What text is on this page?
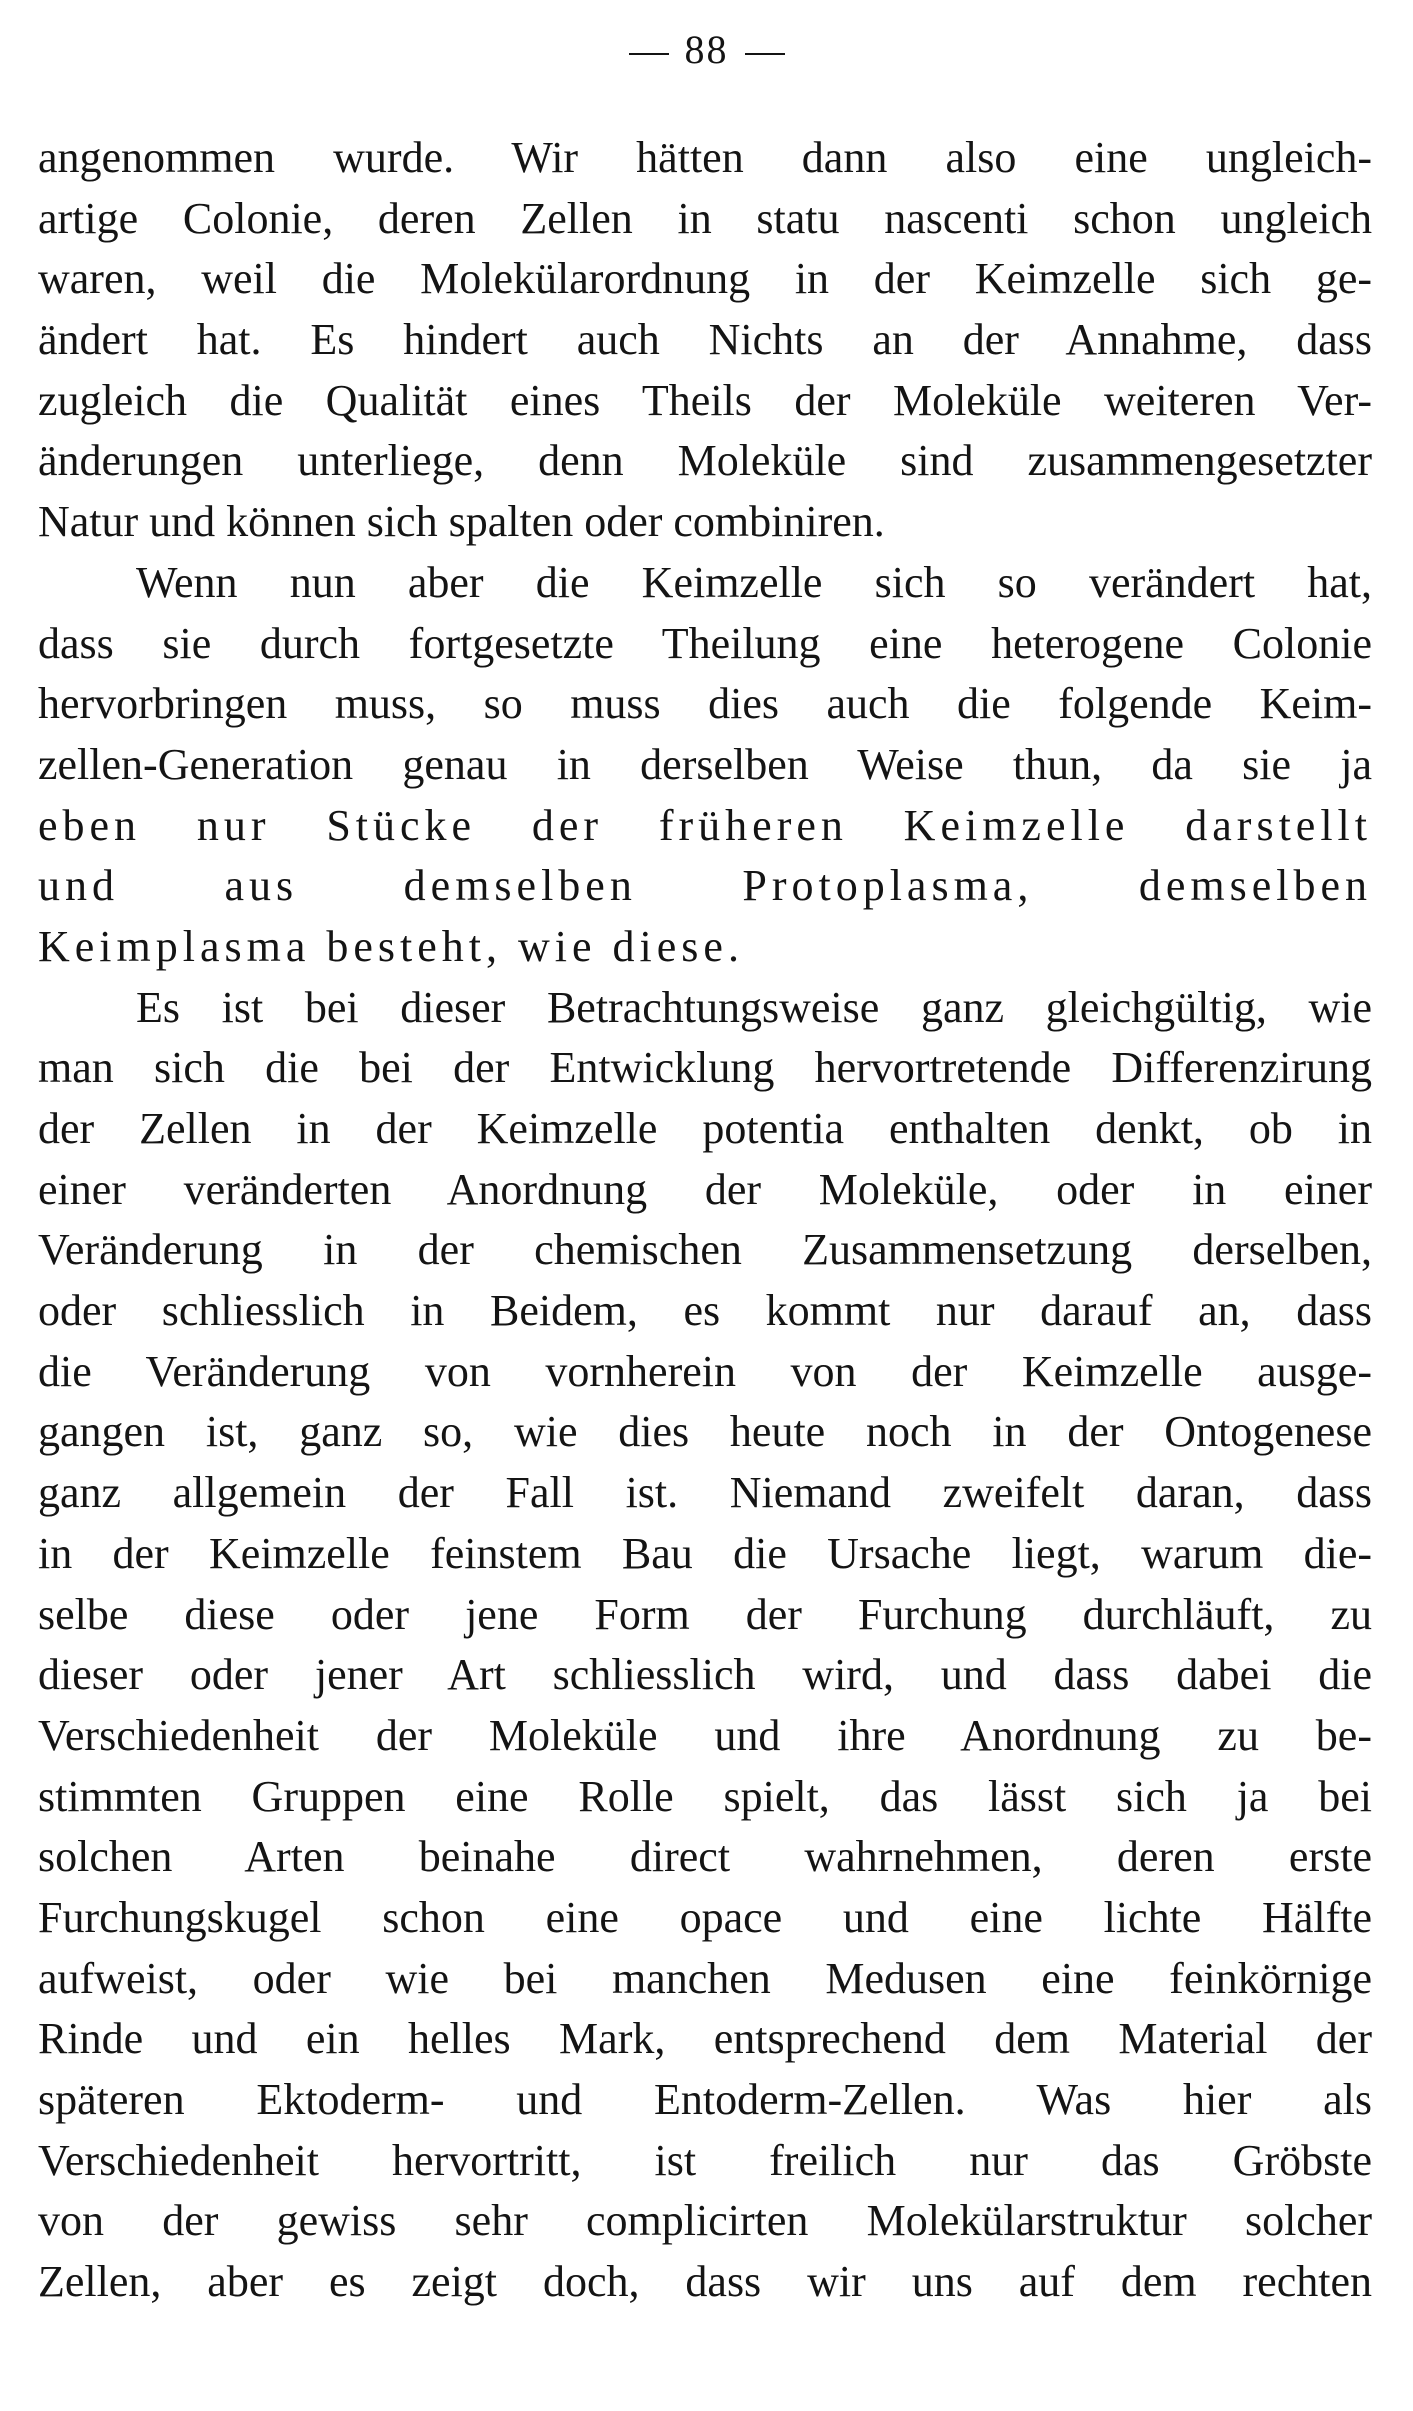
88
angenommen wurde. Wir hätten dann also eine ungleich-
artige Colonie, deren Zellen in statu nascenti schon ungleich
waren, weil die Molekülarordnung in der Keimzelle sich ge-
ändert hat. Es hindert auch Nichts an der Annahme, dass
zugleich die Qualität eines Theils der Moleküle weiteren Ver-
änderungen unterliege, denn Moleküle sind zusammengesetzter
Natur und können sich spalten oder combiniren.
Wenn nun aber die Keimzelle sich so verändert hat,
dass sie durch fortgesetzte Theilung eine heterogene Colonie
hervorbringen muss, so muss dies auch die folgende Keim-
zellen-Generation genau in derselben Weise thun, da sie ja
eben nur Stücke der früheren Keimzelle darstellt
und aus demselben Protoplasma, demselben
Keimplasma besteht, wie diese.
Es ist bei dieser Betrachtungsweise ganz gleichgültig, wie
man sich die bei der Entwicklung hervortretende Differenzirung
der Zellen in der Keimzelle potentia enthalten denkt, ob in
einer veränderten Anordnung der Moleküle, oder in einer
Veränderung in der chemischen Zusammensetzung derselben,
oder schliesslich in Beidem, es kommt nur darauf an, dass
die Veränderung von vornherein von der Keimzelle ausge-
gangen ist, ganz so, wie dies heute noch in der Ontogenese
ganz allgemein der Fall ist. Niemand zweifelt daran, dass
in der Keimzelle feinstem Bau die Ursache liegt, warum die-
selbe diese oder jene Form der Furchung durchläuft, zu
dieser oder jener Art schliesslich wird, und dass dabei die
Verschiedenheit der Moleküle und ihre Anordnung zu be-
stimmten Gruppen eine Rolle spielt, das lässt sich ja bei
solchen Arten beinahe direct wahrnehmen, deren erste
Furchungskugel schon eine opace und eine lichte Hälfte
aufweist, oder wie bei manchen Medusen eine feinkörnige
Rinde und ein helles Mark, entsprechend dem Material der
späteren Ektoderm- und Entoderm-Zellen. Was hier als
Verschiedenheit hervortritt, ist freilich nur das Gröbste
von der gewiss sehr complicirten Molekülarstruktur solcher
Zellen, aber es zeigt doch, dass wir uns auf dem rechten
